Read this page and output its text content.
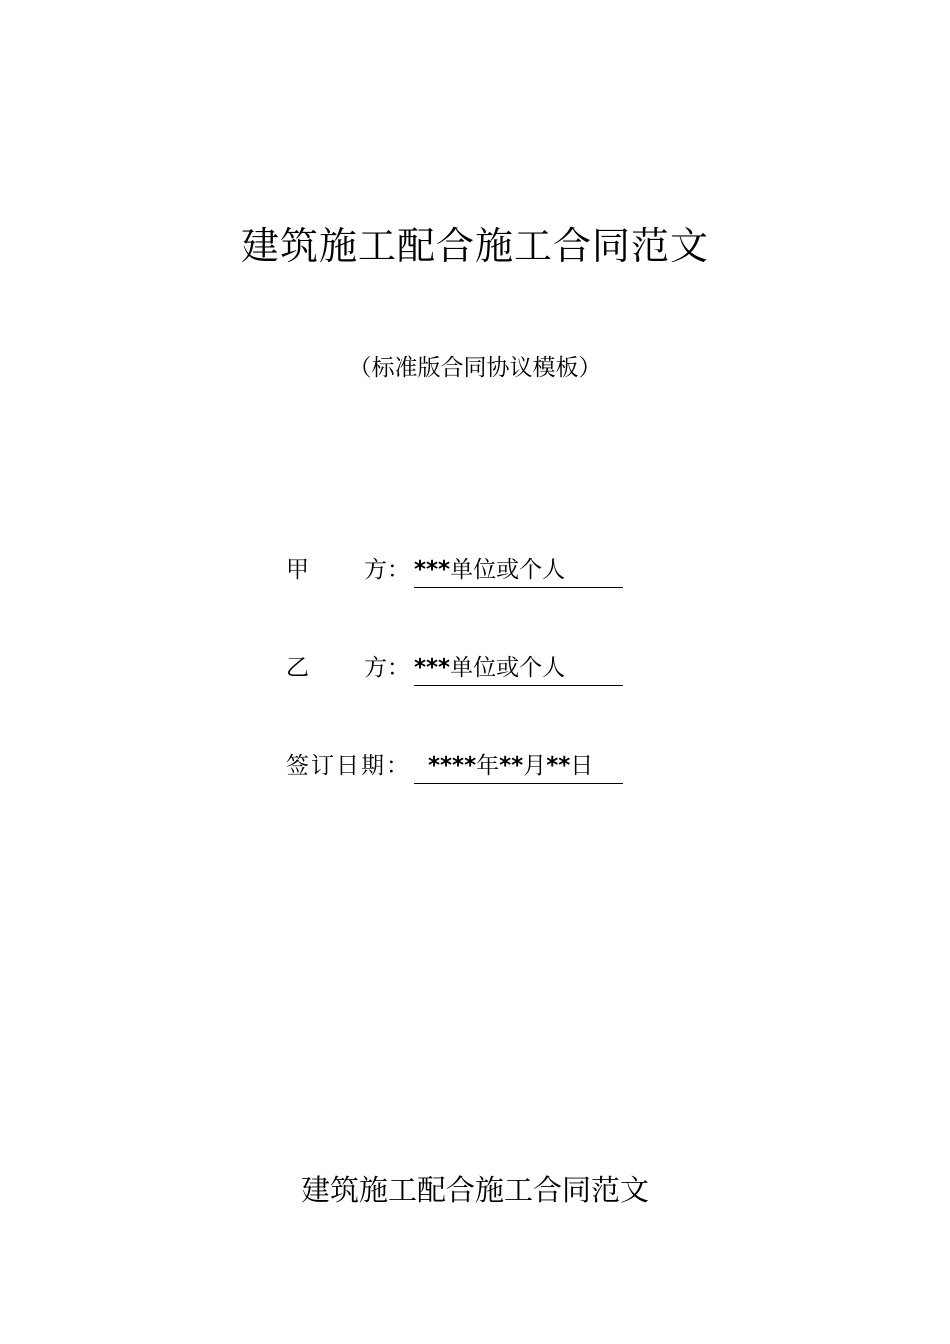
建筑施工配合施工合同范文
（标准版合同协议模板）
甲 方： ***单位或个人
乙 方： ***单位或个人
签订日期： ****年**月**日
建筑施工配合施工合同范文
